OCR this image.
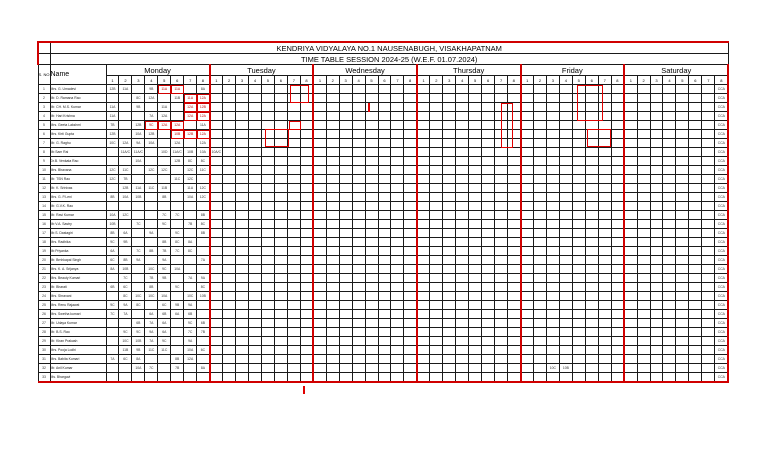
	KENDRIYA VIDYALAYA NO.1 NAUSENABUGH, VISAKHAPATNAM																																																
	TIME TABLE SESSION 2024-25 (W.E.F. 01.07.2024)																																																
S. NO	Name	Monday								Tuesday								Wednesday								Thursday								Friday								Saturday							
		1	2	3	4	5	6	7	8	1	2	3	4	5	6	7	8	1	2	3	4	5	6	7	8	1	2	3	4	5	6	7	8	1	2	3	4	5	6	7	8	1	2	3	4	5	6	7	8
1	Mrs. G. Umadevi	12B	11A		9B	11A	11A		8A																																								CCA
2	Mr. D. Ramana Rao			8C	12A		11B	11A	12A																																								CCA
3	Mr. CH. M.S. Kumar	11A		9B		11A		12A	12B																																								CCA
4	Mr. Hari Krishna	11A			7A	12A		12A	12A																																								CCA
5	Mrs. Geeta Lakshmi	7B		12B	9C	12A	12A		11A																																								CCA
6	Mrs. Kirti Gupta	12B		10A	12B		10B	12B	12A																																								CCA
7	Mr. G. Raghu	10C	12A	9A	10A		12A		12A																																								CCA
8	Mr.Sam Rai		11A/C	11A/C		10D	11A/C	10B	10A	10A/C																																							CCA
9	Dr.B. Venkata Rao			10A			12B	8C	8C																																								CCA
10	Mrs. Bhavana	12C	11C		12C	12C		12C	11C																																								CCA
11	Mr. TSN Rao	12C	7B				11C	12C																																									CCA
12	Mr. K. Srinivas		12B	11A	11C	11B		11A	12C																																								CCA
13	Mrs. G. P.Leni	8B	10A	10B		8B		10A	12C																																								CCA
14	Mr. G.V.K. Rao																																																CCA
15	Mr. Ravi Kumar	10A	12C			7C	7C		8B																																								CCA
16	Mr.V.A. Sastry	10B		7C		9C		7B	8C																																								CCA
17	Mr.S. Dastagiri	8B	6A		9A		9C		8B																																								CCA
18	Mrs. Radhika	9C	9B			8B	8C	8A																																									CCA
19	Mr.Priyanka	6A		7C	8B	7B	7C	8C																																									CCA
20	Mr. Brnhkapal Singh	6C	8B	9A		9A			7A																																								CCA
21	Mrs. K. A. Srijanya	8A	10B		10C	9C	10A																																										CCA
22	Mrs. Beauty Kumari		7C		7B	9B		7A	9A																																								CCA
23	Mr. Bharati	6B	6C		8B		9C		8C																																								CCA
24	Mrs. Shravani		8C	10C	10C	10A		10C	10B																																								CCA
25	Mrs. Renu Rajawat	9C	9A	8C		6C	9B	9A																																									CCA
26	Mrs. Swetha kumari	7C	7A		6A	6B	6A	6B																																									CCA
27	Mr. Udaya Kumar			6B	7A	6A		9C	6B																																								CCA
28	Mr. B.S. Rao		9C	9C	9A	6A		7C	7B																																								CCA
29	Mr. Kiran Prakash		10C	10B	7A	9C		9A																																									CCA
30	Mrs. Pooja Lodhi		11B	9B	11C	11C		10A	6C																																								CCA
31	Mrs. Babita Kumari	7A	6C	8A			8B	12A																																									CCA
32	Mr. Anil Kumar			10A	7C		7B		8A																											10C	10B												CCA
33	Ms. Bhargavi																																																CCA
